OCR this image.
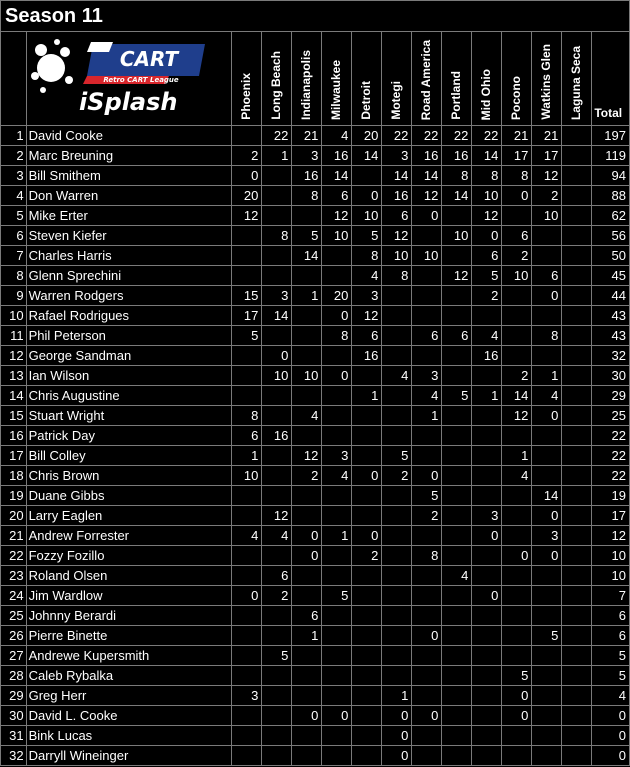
Season 11														

CART
Retro CART League
iSplash	Phoenix	Long Beach	Indianapolis	Milwaukee	Detroit	Motegi	Road America	Portland	Mid Ohio	Pocono	Watkins Glen	Laguna Seca	Total
1	David Cooke		22	21	4	20	22	22	22	22	21	21		197
2	Marc Breuning	2	1	3	16	14	3	16	16	14	17	17		119
3	Bill Smithem	0		16	14		14	14	8	8	8	12		94
4	Don Warren	20		8	6	0	16	12	14	10	0	2		88
5	Mike Erter	12			12	10	6	0		12		10		62
6	Steven Kiefer		8	5	10	5	12		10	0	6			56
7	Charles Harris			14		8	10	10		6	2			50
8	Glenn Sprechini					4	8		12	5	10	6		45
9	Warren Rodgers	15	3	1	20	3				2		0		44
10	Rafael Rodrigues	17	14		0	12								43
11	Phil Peterson	5			8	6		6	6	4		8		43
12	George Sandman		0			16				16				32
13	Ian Wilson		10	10	0		4	3			2	1		30
14	Chris Augustine					1		4	5	1	14	4		29
15	Stuart Wright	8		4				1			12	0		25
16	Patrick Day	6	16											22
17	Bill Colley	1		12	3		5				1			22
18	Chris Brown	10		2	4	0	2	0			4			22
19	Duane Gibbs							5				14		19
20	Larry Eaglen		12					2		3		0		17
21	Andrew Forrester	4	4	0	1	0				0		3		12
22	Fozzy Fozillo			0		2		8			0	0		10
23	Roland Olsen		6						4					10
24	Jim Wardlow	0	2		5					0				7
25	Johnny Berardi			6										6
26	Pierre Binette			1				0				5		6
27	Andrewe Kupersmith		5											5
28	Caleb Rybalka										5			5
29	Greg Herr	3					1				0			4
30	David L. Cooke			0	0		0	0			0			0
31	Bink Lucas						0							0
32	Darryll Wineinger						0							0
